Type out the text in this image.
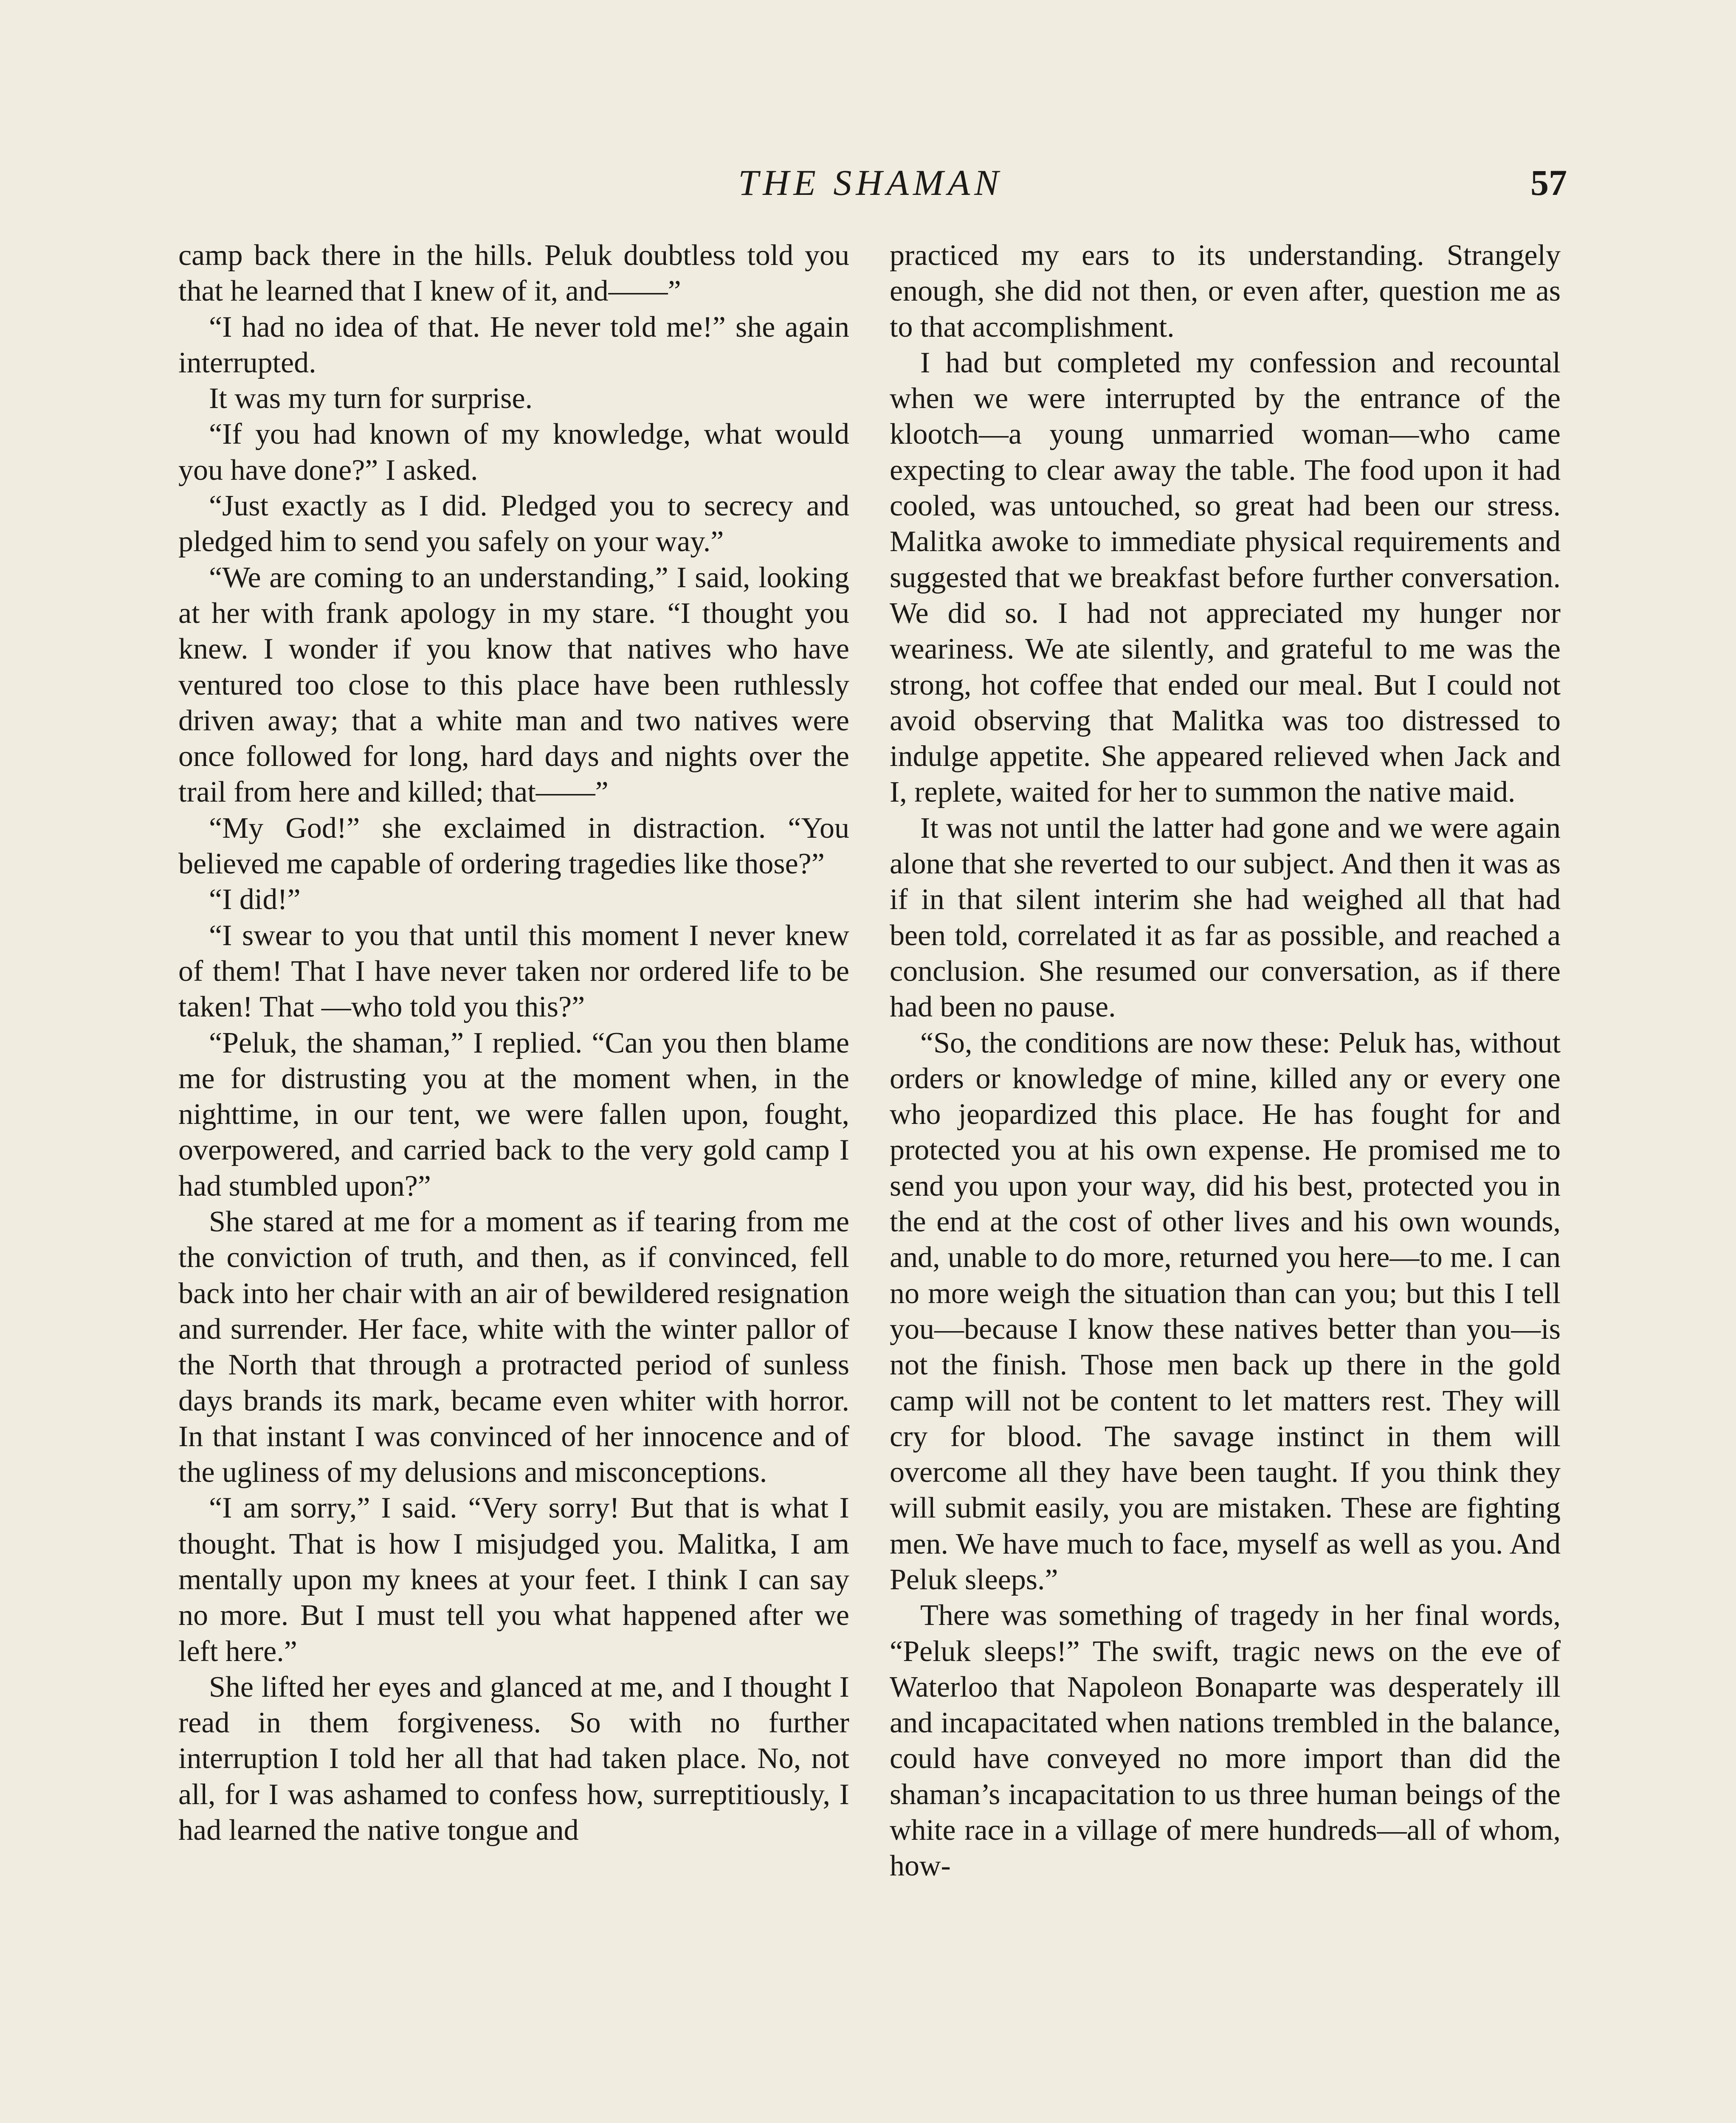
THE SHAMAN	57

camp back there in the hills. Peluk doubtless told you that he learned that I knew of it, and——”

“I had no idea of that. He never told me!” she again interrupted.

It was my turn for surprise.

“If you had known of my knowledge, what would you have done?” I asked.

“Just exactly as I did. Pledged you to secrecy and pledged him to send you safely on your way.”

“We are coming to an understanding,” I said, looking at her with frank apology in my stare. “I thought you knew. I wonder if you know that natives who have ventured too close to this place have been ruthlessly driven away; that a white man and two natives were once followed for long, hard days and nights over the trail from here and killed; that——”

“My God!” she exclaimed in distraction. “You believed me capable of ordering tragedies like those?”

“I did!”

“I swear to you that until this moment I never knew of them! That I have never taken nor ordered life to be taken! That —who told you this?”

“Peluk, the shaman,” I replied. “Can you then blame me for distrusting you at the moment when, in the nighttime, in our tent, we were fallen upon, fought, overpowered, and carried back to the very gold camp I had stumbled upon?”

She stared at me for a moment as if tearing from me the conviction of truth, and then, as if convinced, fell back into her chair with an air of bewildered resignation and surrender. Her face, white with the winter pallor of the North that through a protracted period of sunless days brands its mark, became even whiter with horror. In that instant I was convinced of her innocence and of the ugliness of my delusions and misconceptions.

“I am sorry,” I said. “Very sorry! But that is what I thought. That is how I misjudged you. Malitka, I am mentally upon my knees at your feet. I think I can say no more. But I must tell you what happened after we left here.”

She lifted her eyes and glanced at me, and I thought I read in them forgiveness. So with no further interruption I told her all that had taken place. No, not all, for I was ashamed to confess how, surreptitiously, I had learned the native tongue and

practiced my ears to its understanding. Strangely enough, she did not then, or even after, question me as to that accomplishment.

I had but completed my confession and recountal when we were interrupted by the entrance of the klootch—a young unmarried woman—who came expecting to clear away the table. The food upon it had cooled, was untouched, so great had been our stress. Malitka awoke to immediate physical requirements and suggested that we breakfast before further conversation. We did so. I had not appreciated my hunger nor weariness. We ate silently, and grateful to me was the strong, hot coffee that ended our meal. But I could not avoid observing that Malitka was too distressed to indulge appetite. She appeared relieved when Jack and I, replete, waited for her to summon the native maid.

It was not until the latter had gone and we were again alone that she reverted to our subject. And then it was as if in that silent interim she had weighed all that had been told, correlated it as far as possible, and reached a conclusion. She resumed our conversation, as if there had been no pause.

“So, the conditions are now these: Peluk has, without orders or knowledge of mine, killed any or every one who jeopardized this place. He has fought for and protected you at his own expense. He promised me to send you upon your way, did his best, protected you in the end at the cost of other lives and his own wounds, and, unable to do more, returned you here—to me. I can no more weigh the situation than can you; but this I tell you—because I know these natives better than you—is not the finish. Those men back up there in the gold camp will not be content to let matters rest. They will cry for blood. The savage instinct in them will overcome all they have been taught. If you think they will submit easily, you are mistaken. These are fighting men. We have much to face, myself as well as you. And Peluk sleeps.”

There was something of tragedy in her final words, “Peluk sleeps!” The swift, tragic news on the eve of Waterloo that Napoleon Bonaparte was desperately ill and incapacitated when nations trembled in the balance, could have conveyed no more import than did the shaman’s incapacitation to us three human beings of the white race in a village of mere hundreds—all of whom, how-
